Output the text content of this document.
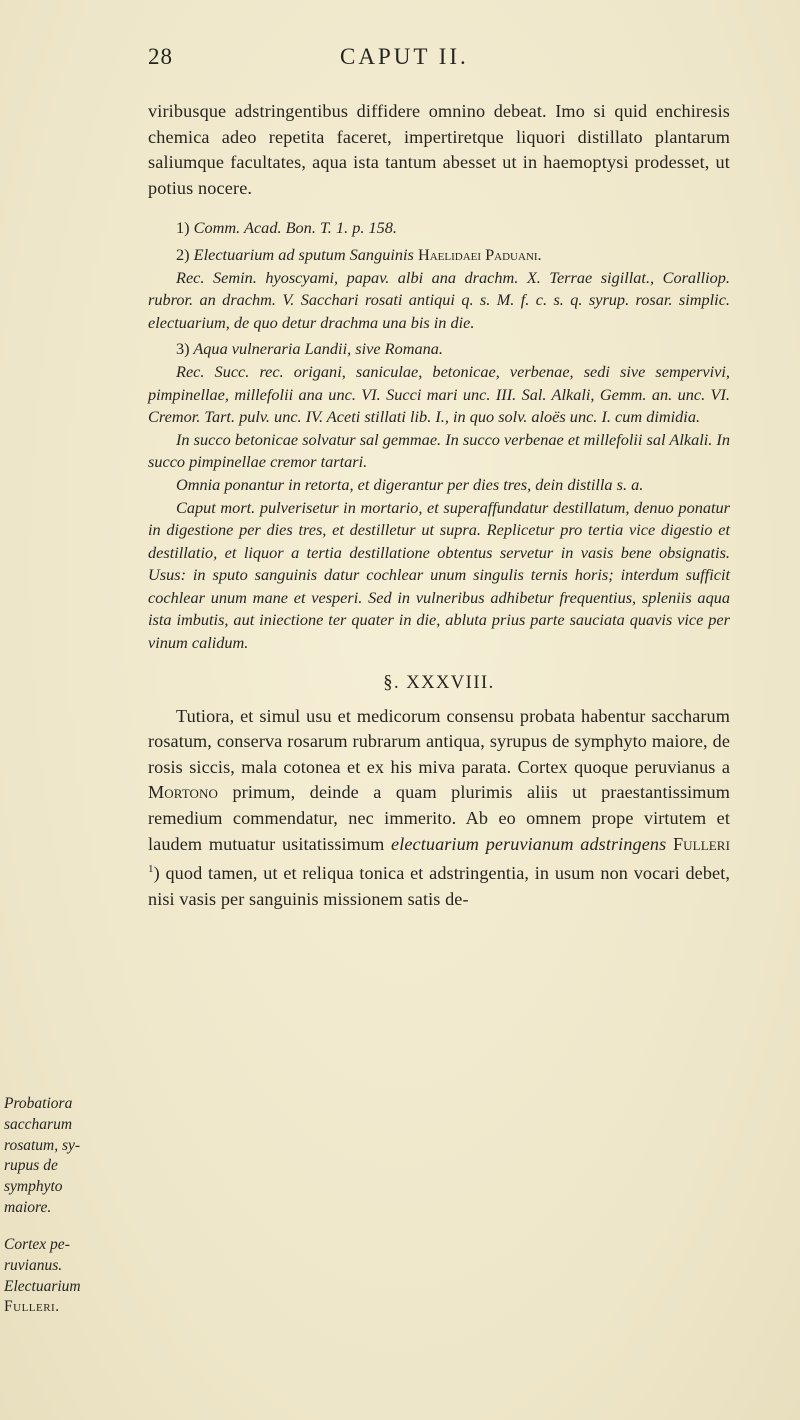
28	CAPUT II.

viribusque adstringentibus diffidere omnino debeat. Imo si quid enchiresis chemica adeo repetita faceret, impertiretque liquori distillato plantarum saliumque facultates, aqua ista tantum abesset ut in haemoptysi prodesset, ut potius nocere.

1) Comm. Acad. Bon. T. 1. p. 158.

2) Electuarium ad sputum Sanguinis Haelidaei Paduani.

Rec. Semin. hyoscyami, papav. albi ana drachm. X. Terrae sigillat., Coralliор. rubror. an drachm. V. Sacchari rosati antiqui q. s. M. f. c. s. q. syrup. rosar. simplic. electuarium, de quo detur drachma una bis in die.

3) Aqua vulneraria Landii, sive Romana.

Rec. Succ. rec. origani, saniculae, betonicae, verbenae, sedi sive sempervivi, pimpinellae, millefolii ana unc. VI. Succi mari unc. III. Sal. Alkali, Gemm. an. unc. VI. Cremor. Tart. pulv. unc. IV. Aceti stillati lib. I., in quo solv. aloës unc. I. cum dimidia.

In succo betonicae solvatur sal gemmae. In succo verbenae et millefolii sal Alkali. In succo pimpinellae cremor tartari.

Omnia ponantur in retorta, et digerantur per dies tres, dein distilla s. a.

Caput mort. pulverisetur in mortario, et superaffundatur destillatum, denuo ponatur in digestione per dies tres, et destilletur ut supra. Replicetur pro tertia vice digestio et destillatio, et liquor a tertia destillatione obtentus servetur in vasis bene obsignatis. Usus: in sputo sanguinis datur cochlear unum singulis ternis horis; interdum sufficit cochlear unum mane et vesperi. Sed in vulneribus adhibetur frequentius, spleniis aqua ista imbutis, aut iniectione ter quater in die, abluta prius parte sauciata quavis vice per vinum calidum.

§. XXXVIII.

Tutiora, et simul usu et medicorum consensu probata habentur saccharum rosatum, conserva rosarum rubrarum antiqua, syrupus de symphyto maiore, de rosis siccis, mala cotonea et ex his miva parata. Cortex quoque peruvianus a Mortono primum, deinde a quam plurimis aliis ut praestantissimum remedium commendatur, nec immerito. Ab eo omnem prope virtutem et laudem mutuatur usitatissimum electuarium peruvianum adstringens Fulleri $^1$) quod tamen, ut et reliqua tonica et adstringentia, in usum non vocari debet, nisi vasis per sanguinis missionem satis de-

Probatiora
saccharum
rosatum, sy-
rupus de
symphyto
maiore.
Cortex pe-
ruvianus.
Electuarium
Fulleri.
